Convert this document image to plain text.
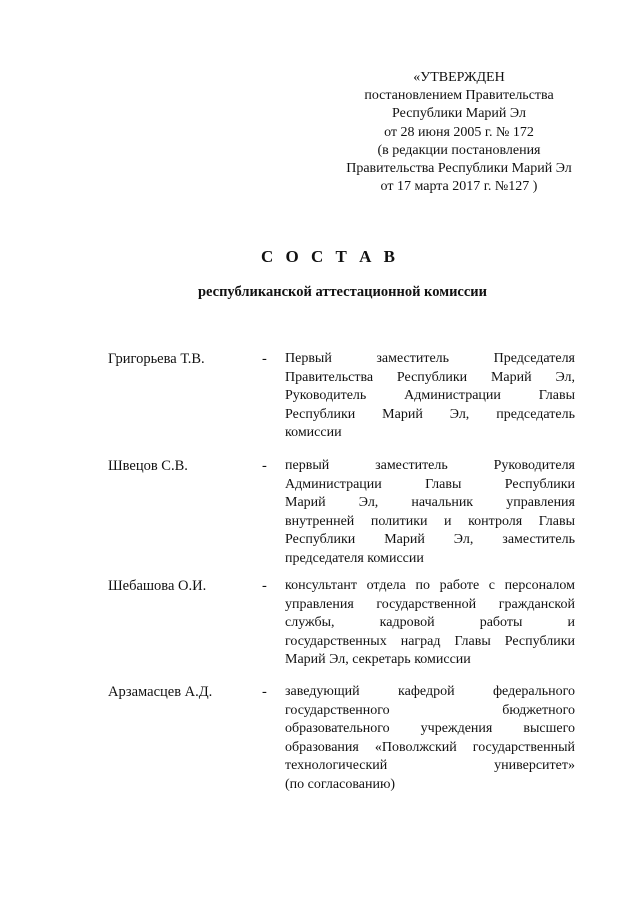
«УТВЕРЖДЕН
постановлением Правительства
Республики Марий Эл
от 28 июня 2005 г. № 172
(в редакции постановления
Правительства Республики Марий Эл
от 17 марта 2017 г. №127 )
С О С Т А В
республиканской аттестационной комиссии
Григорьева Т.В.	- Первый заместитель Председателя
Правительства Республики Марий Эл,
Руководитель Администрации Главы
Республики Марий Эл, председатель
комиссии
Швецов С.В.	- первый заместитель Руководителя
Администрации Главы Республики
Марий Эл, начальник управления
внутренней политики и контроля Главы
Республики Марий Эл, заместитель
председателя комиссии
Шебашова О.И.	- консультант отдела по работе с персоналом
управления государственной гражданской
службы, кадровой работы и
государственных наград Главы Республики
Марий Эл, секретарь комиссии
Арзамасцев А.Д.	- заведующий кафедрой федерального
государственного бюджетного
образовательного учреждения высшего
образования «Поволжский государственный
технологический университет»
(по согласованию)
